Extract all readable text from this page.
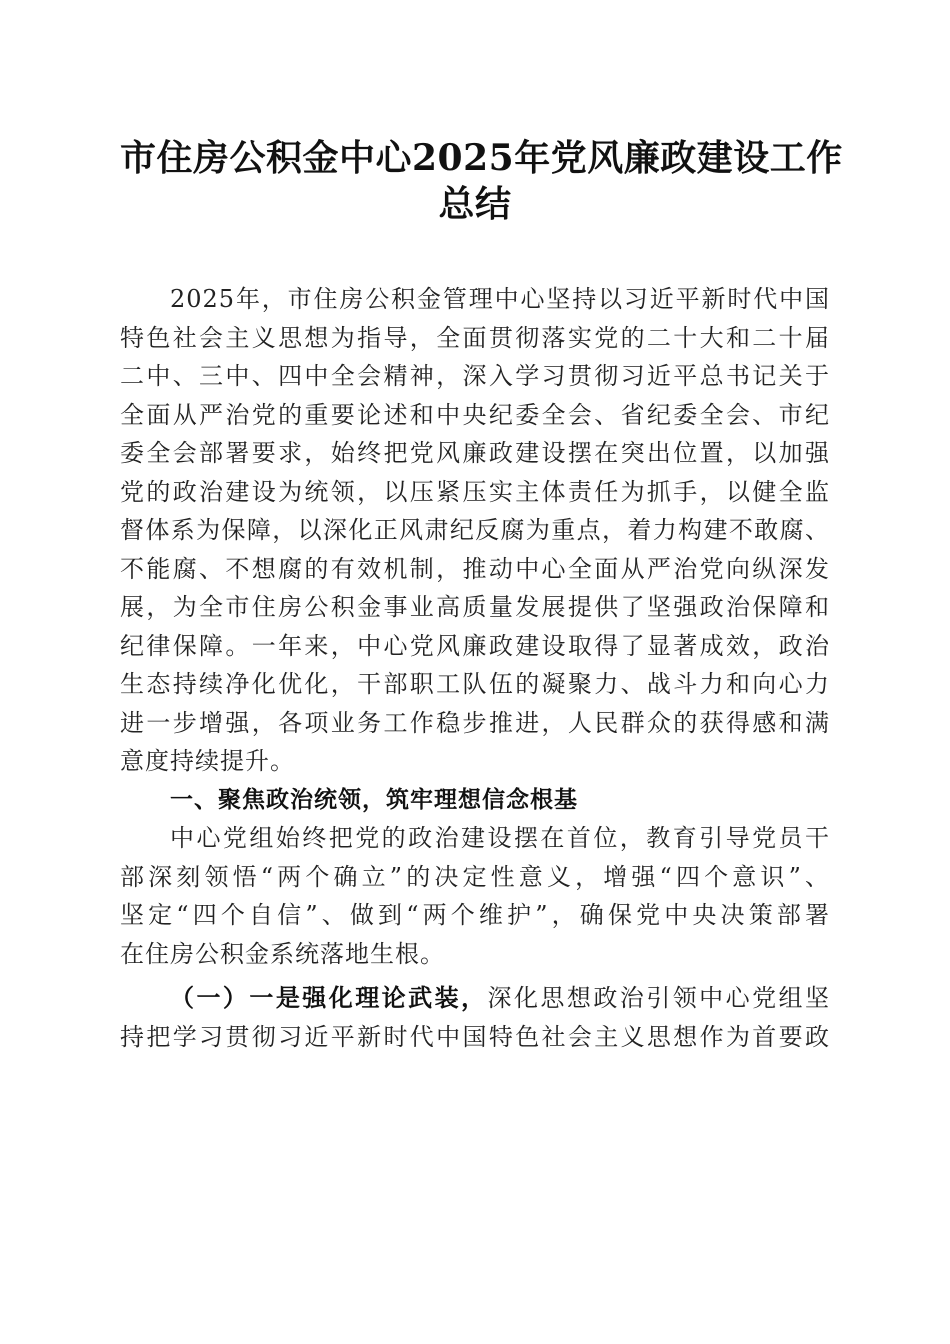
市住房公积金中心2025年党风廉政建设工作
总结
2025年，市住房公积金管理中心坚持以习近平新时代中国
特色社会主义思想为指导，全面贯彻落实党的二十大和二十届
二中、三中、四中全会精神，深入学习贯彻习近平总书记关于
全面从严治党的重要论述和中央纪委全会、省纪委全会、市纪
委全会部署要求，始终把党风廉政建设摆在突出位置，以加强
党的政治建设为统领，以压紧压实主体责任为抓手，以健全监
督体系为保障，以深化正风肃纪反腐为重点，着力构建不敢腐、
不能腐、不想腐的有效机制，推动中心全面从严治党向纵深发
展，为全市住房公积金事业高质量发展提供了坚强政治保障和
纪律保障。一年来，中心党风廉政建设取得了显著成效，政治
生态持续净化优化，干部职工队伍的凝聚力、战斗力和向心力
进一步增强，各项业务工作稳步推进，人民群众的获得感和满
意度持续提升。
一、聚焦政治统领，筑牢理想信念根基
中心党组始终把党的政治建设摆在首位，教育引导党员干
部深刻领悟“两个确立”的决定性意义，增强“四个意识”、
坚定“四个自信”、做到“两个维护”，确保党中央决策部署
在住房公积金系统落地生根。
（一）一是强化理论武装，深化思想政治引领中心党组坚
持把学习贯彻习近平新时代中国特色社会主义思想作为首要政
